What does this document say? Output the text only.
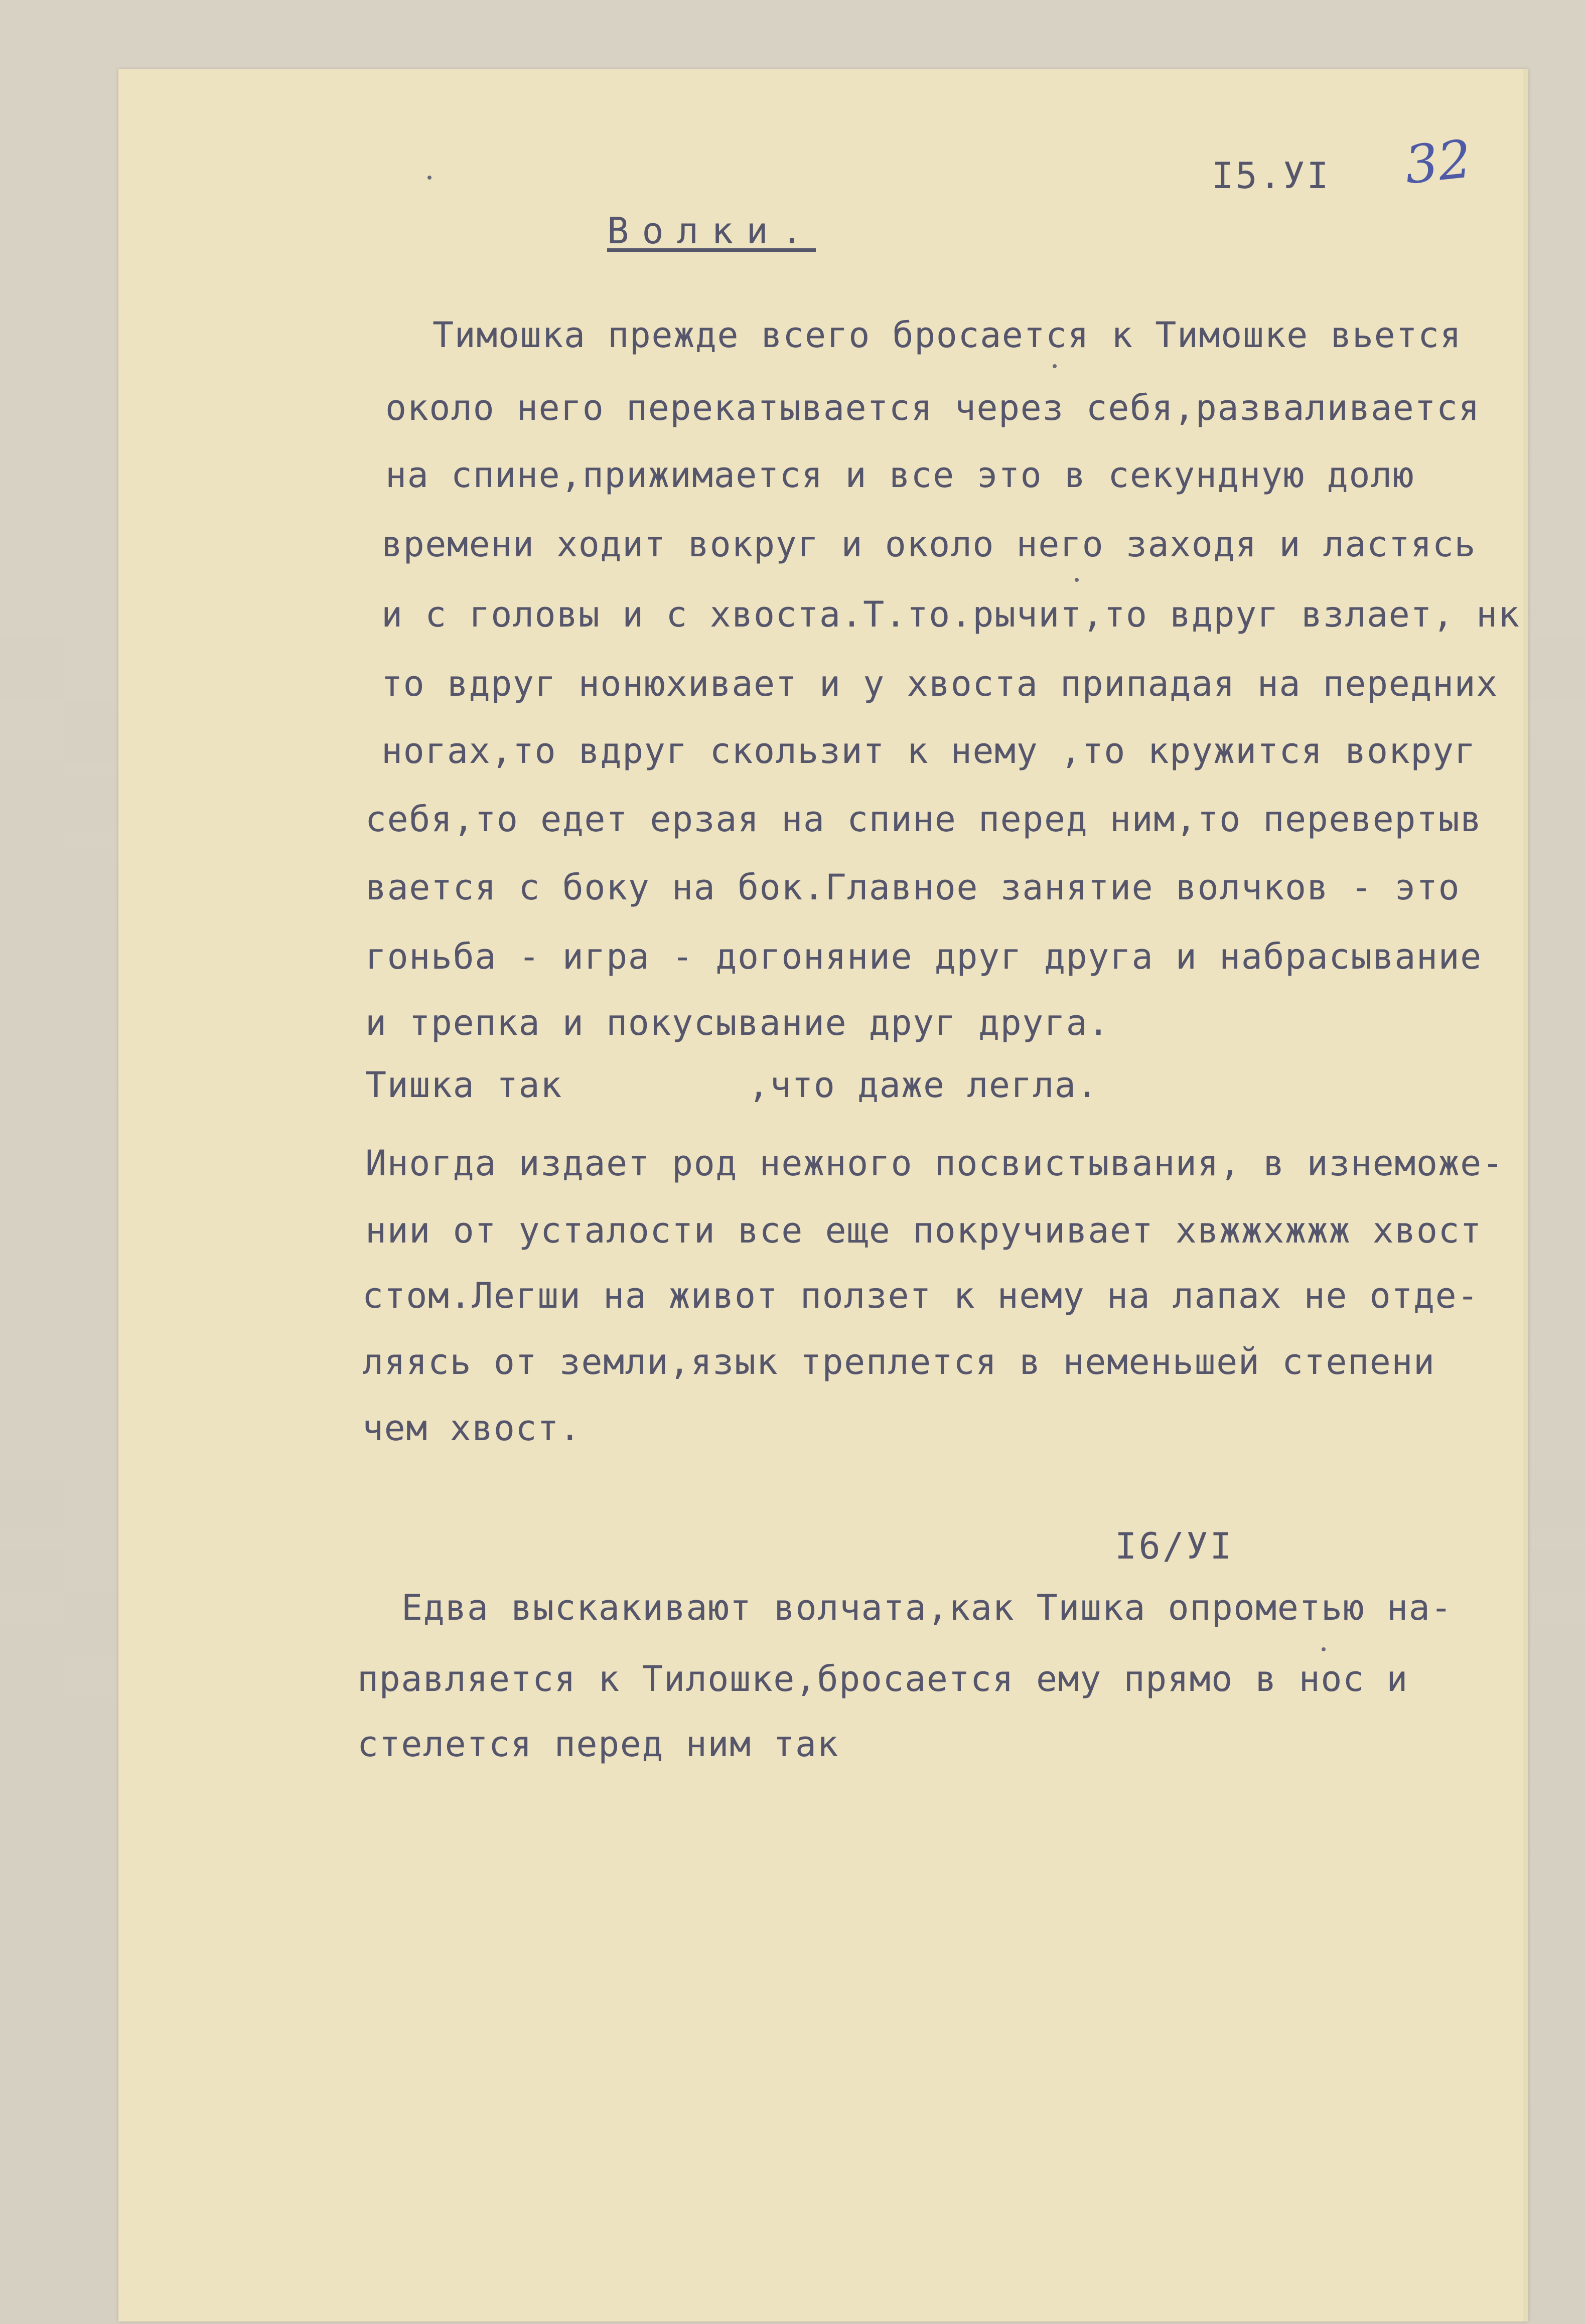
I5.УI 32

Волки.

Тимошка прежде всего бросается к Тимошке вьется

около него перекатывается через себя,разваливается

на спине,прижимается и все это в секундную долю

времени ходит вокруг и около него заходя и ластясь

и с головы и с хвоста.Т.то.рычит,то вдруг взлает, нк

то вдруг нонюхивает и у хвоста припадая на передних

ногах,то вдруг скользит к нему ,то кружится вокруг

себя,то едет ерзая на спине перед ним,то перевертыв

вается с боку на бок.Главное занятие волчков - это

гоньба - игра - догоняние друг друга и набрасывание

и трепка и покусывание друг друга.

Тишка так	,что даже легла.

Иногда издает род нежного посвистывания, в изнеможе-

нии от усталости все еще покручивает хвжжхжжж хвоcт

стом.Легши на живот ползет к нему на лапах не отде-

ляясь от земли,язык треплется в неменьшей степени

чем хвост.

I6/УI

Едва выскакивают волчата,как Тишка опрометью на-

правляется к Тилошке,бросается ему прямо в нос и

стелется перед ним так
